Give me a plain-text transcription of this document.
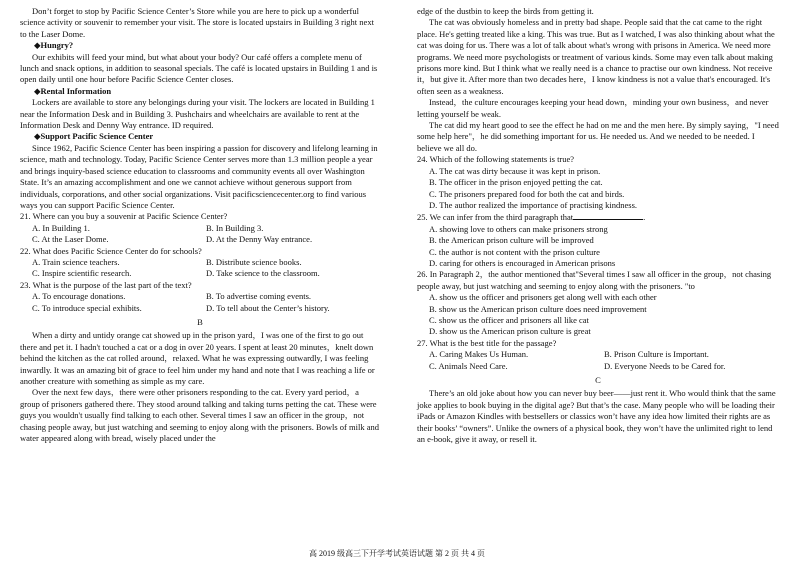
Don’t forget to stop by Pacific Science Center’s Store while you are here to pick up a wonderful science activity or souvenir to remember your visit. The store is located upstairs in Building 3 right next to the Laser Dome.

◆Hungry?

Our exhibits will feed your mind, but what about your body? Our café offers a complete menu of lunch and snack options, in addition to seasonal specials. The café is located upstairs in Building 1 and is open daily until one hour before Pacific Science Center closes.

◆Rental Information

Lockers are available to store any belongings during your visit. The lockers are located in Building 1 near the Information Desk and in Building 3. Pushchairs and wheelchairs are available to rent at the Information Desk and Denny Way entrance. ID required.

◆Support Pacific Science Center

Since 1962, Pacific Science Center has been inspiring a passion for discovery and lifelong learning in science, math and technology. Today, Pacific Science Center serves more than 1.3 million people a year and brings inquiry-based science education to classrooms and community events all over Washington State. It’s an amazing accomplishment and one we cannot achieve without generous support from individuals, corporations, and other social organizations. Visit pacificsciencecenter.org to find various ways you can support Pacific Science Center.

21. Where can you buy a souvenir at Pacific Science Center?

A. In Building 1.	B. In Building 3.
C. At the Laser Dome.	D. At the Denny Way entrance.

22. What does Pacific Science Center do for schools?

A. Train science teachers.	B. Distribute science books.
C. Inspire scientific research.	D. Take science to the classroom.

23. What is the purpose of the last part of the text?

A. To encourage donations.	B. To advertise coming events.
C. To introduce special exhibits.	D. To tell about the Center’s history.

B

When a dirty and untidy orange cat showed up in the prison yard，I was one of the first to go out there and pet it. I hadn't touched a cat or a dog in over 20 years. I spent at least 20 minutes，knelt down behind the kitchen as the cat rolled around，relaxed. What he was expressing outwardly, I was feeling inwardly. It was an amazing bit of grace to feel him under my hand and note that I was reaching a life or another creature with something as simple as my care.

Over the next few days，there were other prisoners responding to the cat. Every yard period，a group of prisoners gathered there. They stood around talking and taking turns petting the cat. These were guys you wouldn't usually find talking to each other. Several times I saw an officer in the group，not chasing people away, but just watching and seeming to enjoy along with the prisoners. Bowls of milk and water appeared along with bread, wisely placed under the

edge of the dustbin to keep the birds from getting it.

The cat was obviously homeless and in pretty bad shape. People said that the cat came to the right place. He's getting treated like a king. This was true. But as I watched, I was also thinking about what the cat was doing for us. There was a lot of talk about what's wrong with prisons in America. We need more programs. We need more psychologists or treatment of various kinds. Some may even talk about making prisons more kind. But I think what we really need is a chance to practise our own kindness. Not receive it，but give it. After more than two decades here，I know kindness is not a value that's encouraged. It's often seen as a weakness.

Instead，the culture encourages keeping your head down，minding your own business，and never letting yourself be weak.

The cat did my heart good to see the effect he had on me and the men here. By simply saying，"I need some help here"，he did something important for us. He needed us. And we needed to be needed. I believe we all do.

24. Which of the following statements is true?

A. The cat was dirty because it was kept in prison.

B. The officer in the prison enjoyed petting the cat.

C. The prisoners prepared food for both the cat and birds.

D. The author realized the importance of practising kindness.

25. We can infer from the third paragraph that	.

A. showing love to others can make prisoners strong

B. the American prison culture will be improved

C. the author is not content with the prison culture

D. caring for others is encouraged in American prisons

26. In Paragraph 2，the author mentioned that"Several times I saw all officer in the group，not chasing people away, but just watching and seeming to enjoy along with the prisoners. "to

A. show us the officer and prisoners get along well with each other

B. show us the American prison culture does need improvement

C. show us the officer and prisoners all like cat

D. show us the American prison culture is great

27. What is the best title for the passage?

A. Caring Makes Us Human.	B. Prison Culture is Important.
C. Animals Need Care.	D. Everyone Needs to be Cared for.

C

There’s an old joke about how you can never buy beer——just rent it. Who would think that the same joke applies to book buying in the digital age? But that’s the case. Many people who will be loading their iPads or Amazon Kindles with bestsellers or classics won’t have any idea how limited their rights are as their books’ “owners”. Unlike the owners of a physical book, they won’t have the unlimited right to lend an e-book, give it away, or resell it.

高 2019 级高三下开学考试英语试题 第 2 页 共 4 页
